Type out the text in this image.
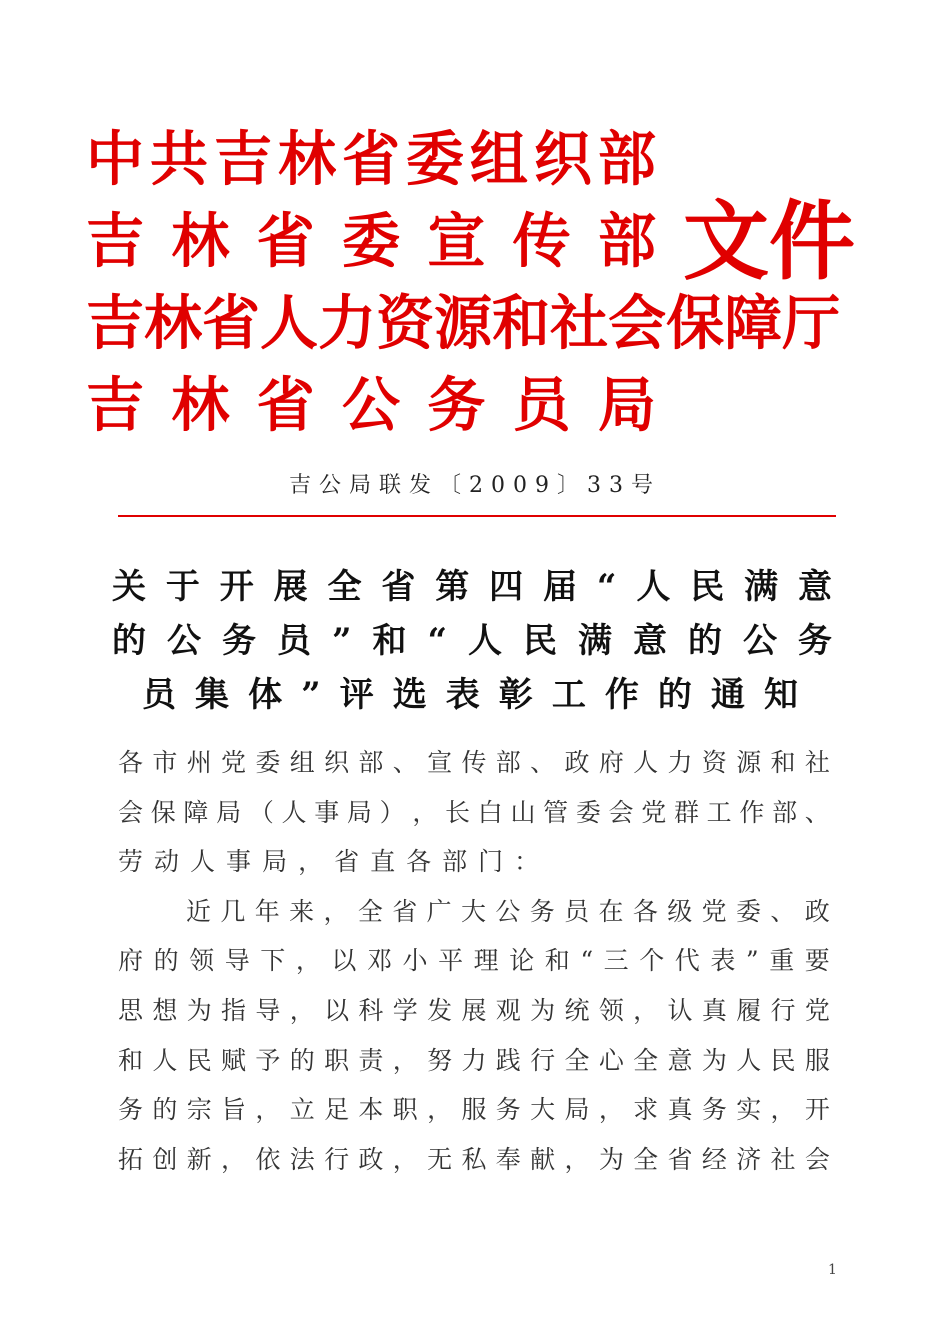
中 共 吉 林 省 委 组 织 部
吉 林 省 委 宣 传 部
吉 林 省 人 力 资 源 和 社 会 保 障 厅
吉 林 省 公 务 员 局
文件
吉公局联发〔2009〕33号
关 于 开 展 全 省 第 四 届 “ 人 民 满 意
的 公 务 员 ” 和 “ 人 民 满 意 的 公 务
员 集 体 ” 评 选 表 彰 工 作 的 通 知
各 市 州 党 委 组 织 部 、 宣 传 部 、 政 府 人 力 资 源 和 社
会 保 障 局 （ 人 事 局 ） ， 长 白 山 管 委 会 党 群 工 作 部 、
劳 动 人 事 局 ， 省 直 各 部 门 ：
近 几 年 来 ， 全 省 广 大 公 务 员 在 各 级 党 委 、 政
府 的 领 导 下 ， 以 邓 小 平 理 论 和 “ 三 个 代 表 ” 重 要
思 想 为 指 导 ， 以 科 学 发 展 观 为 统 领 ， 认 真 履 行 党
和 人 民 赋 予 的 职 责 ， 努 力 践 行 全 心 全 意 为 人 民 服
务 的 宗 旨 ， 立 足 本 职 ， 服 务 大 局 ， 求 真 务 实 ， 开
拓 创 新 ， 依 法 行 政 ， 无 私 奉 献 ， 为 全 省 经 济 社 会
1
